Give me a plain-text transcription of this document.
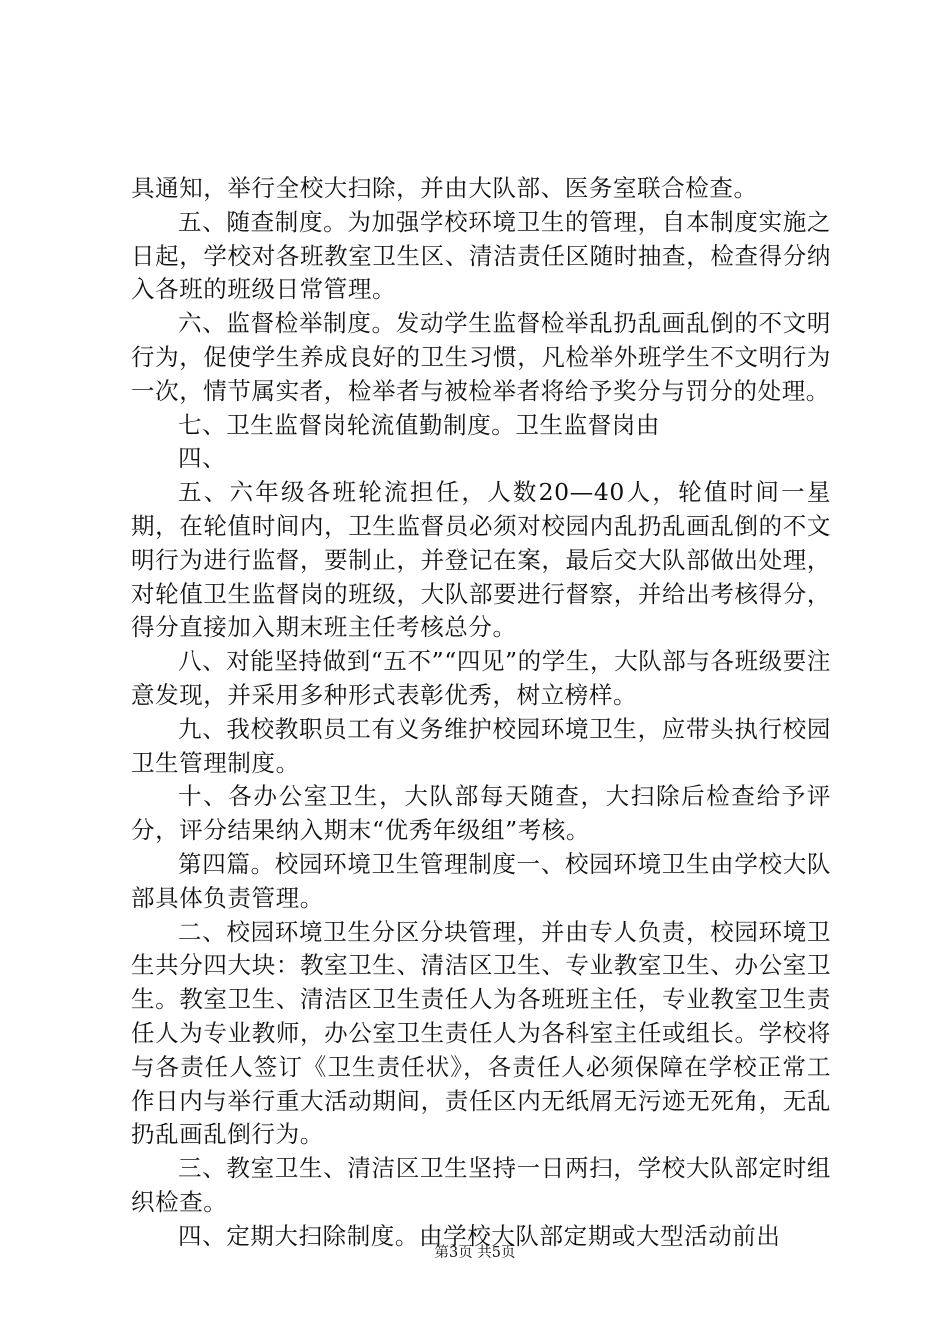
具通知，举行全校大扫除，并由大队部、医务室联合检查。

五、随查制度。为加强学校环境卫生的管理，自本制度实施之日起，学校对各班教室卫生区、清洁责任区随时抽查，检查得分纳入各班的班级日常管理。

六、监督检举制度。发动学生监督检举乱扔乱画乱倒的不文明行为，促使学生养成良好的卫生习惯，凡检举外班学生不文明行为一次，情节属实者，检举者与被检举者将给予奖分与罚分的处理。

七、卫生监督岗轮流值勤制度。卫生监督岗由

四、

五、六年级各班轮流担任，人数20—40人，轮值时间一星期，在轮值时间内，卫生监督员必须对校园内乱扔乱画乱倒的不文明行为进行监督，要制止，并登记在案，最后交大队部做出处理，对轮值卫生监督岗的班级，大队部要进行督察，并给出考核得分，得分直接加入期末班主任考核总分。

八、对能坚持做到“五不”“四见”的学生，大队部与各班级要注意发现，并采用多种形式表彰优秀，树立榜样。

九、我校教职员工有义务维护校园环境卫生，应带头执行校园卫生管理制度。

十、各办公室卫生，大队部每天随查，大扫除后检查给予评分，评分结果纳入期末“优秀年级组”考核。

第四篇。校园环境卫生管理制度一、校园环境卫生由学校大队部具体负责管理。

二、校园环境卫生分区分块管理，并由专人负责，校园环境卫生共分四大块：教室卫生、清洁区卫生、专业教室卫生、办公室卫生。教室卫生、清洁区卫生责任人为各班班主任，专业教室卫生责任人为专业教师，办公室卫生责任人为各科室主任或组长。学校将与各责任人签订《卫生责任状》，各责任人必须保障在学校正常工作日内与举行重大活动期间，责任区内无纸屑无污迹无死角，无乱扔乱画乱倒行为。

三、教室卫生、清洁区卫生坚持一日两扫，学校大队部定时组织检查。

四、定期大扫除制度。由学校大队部定期或大型活动前出

第3页 共5页
